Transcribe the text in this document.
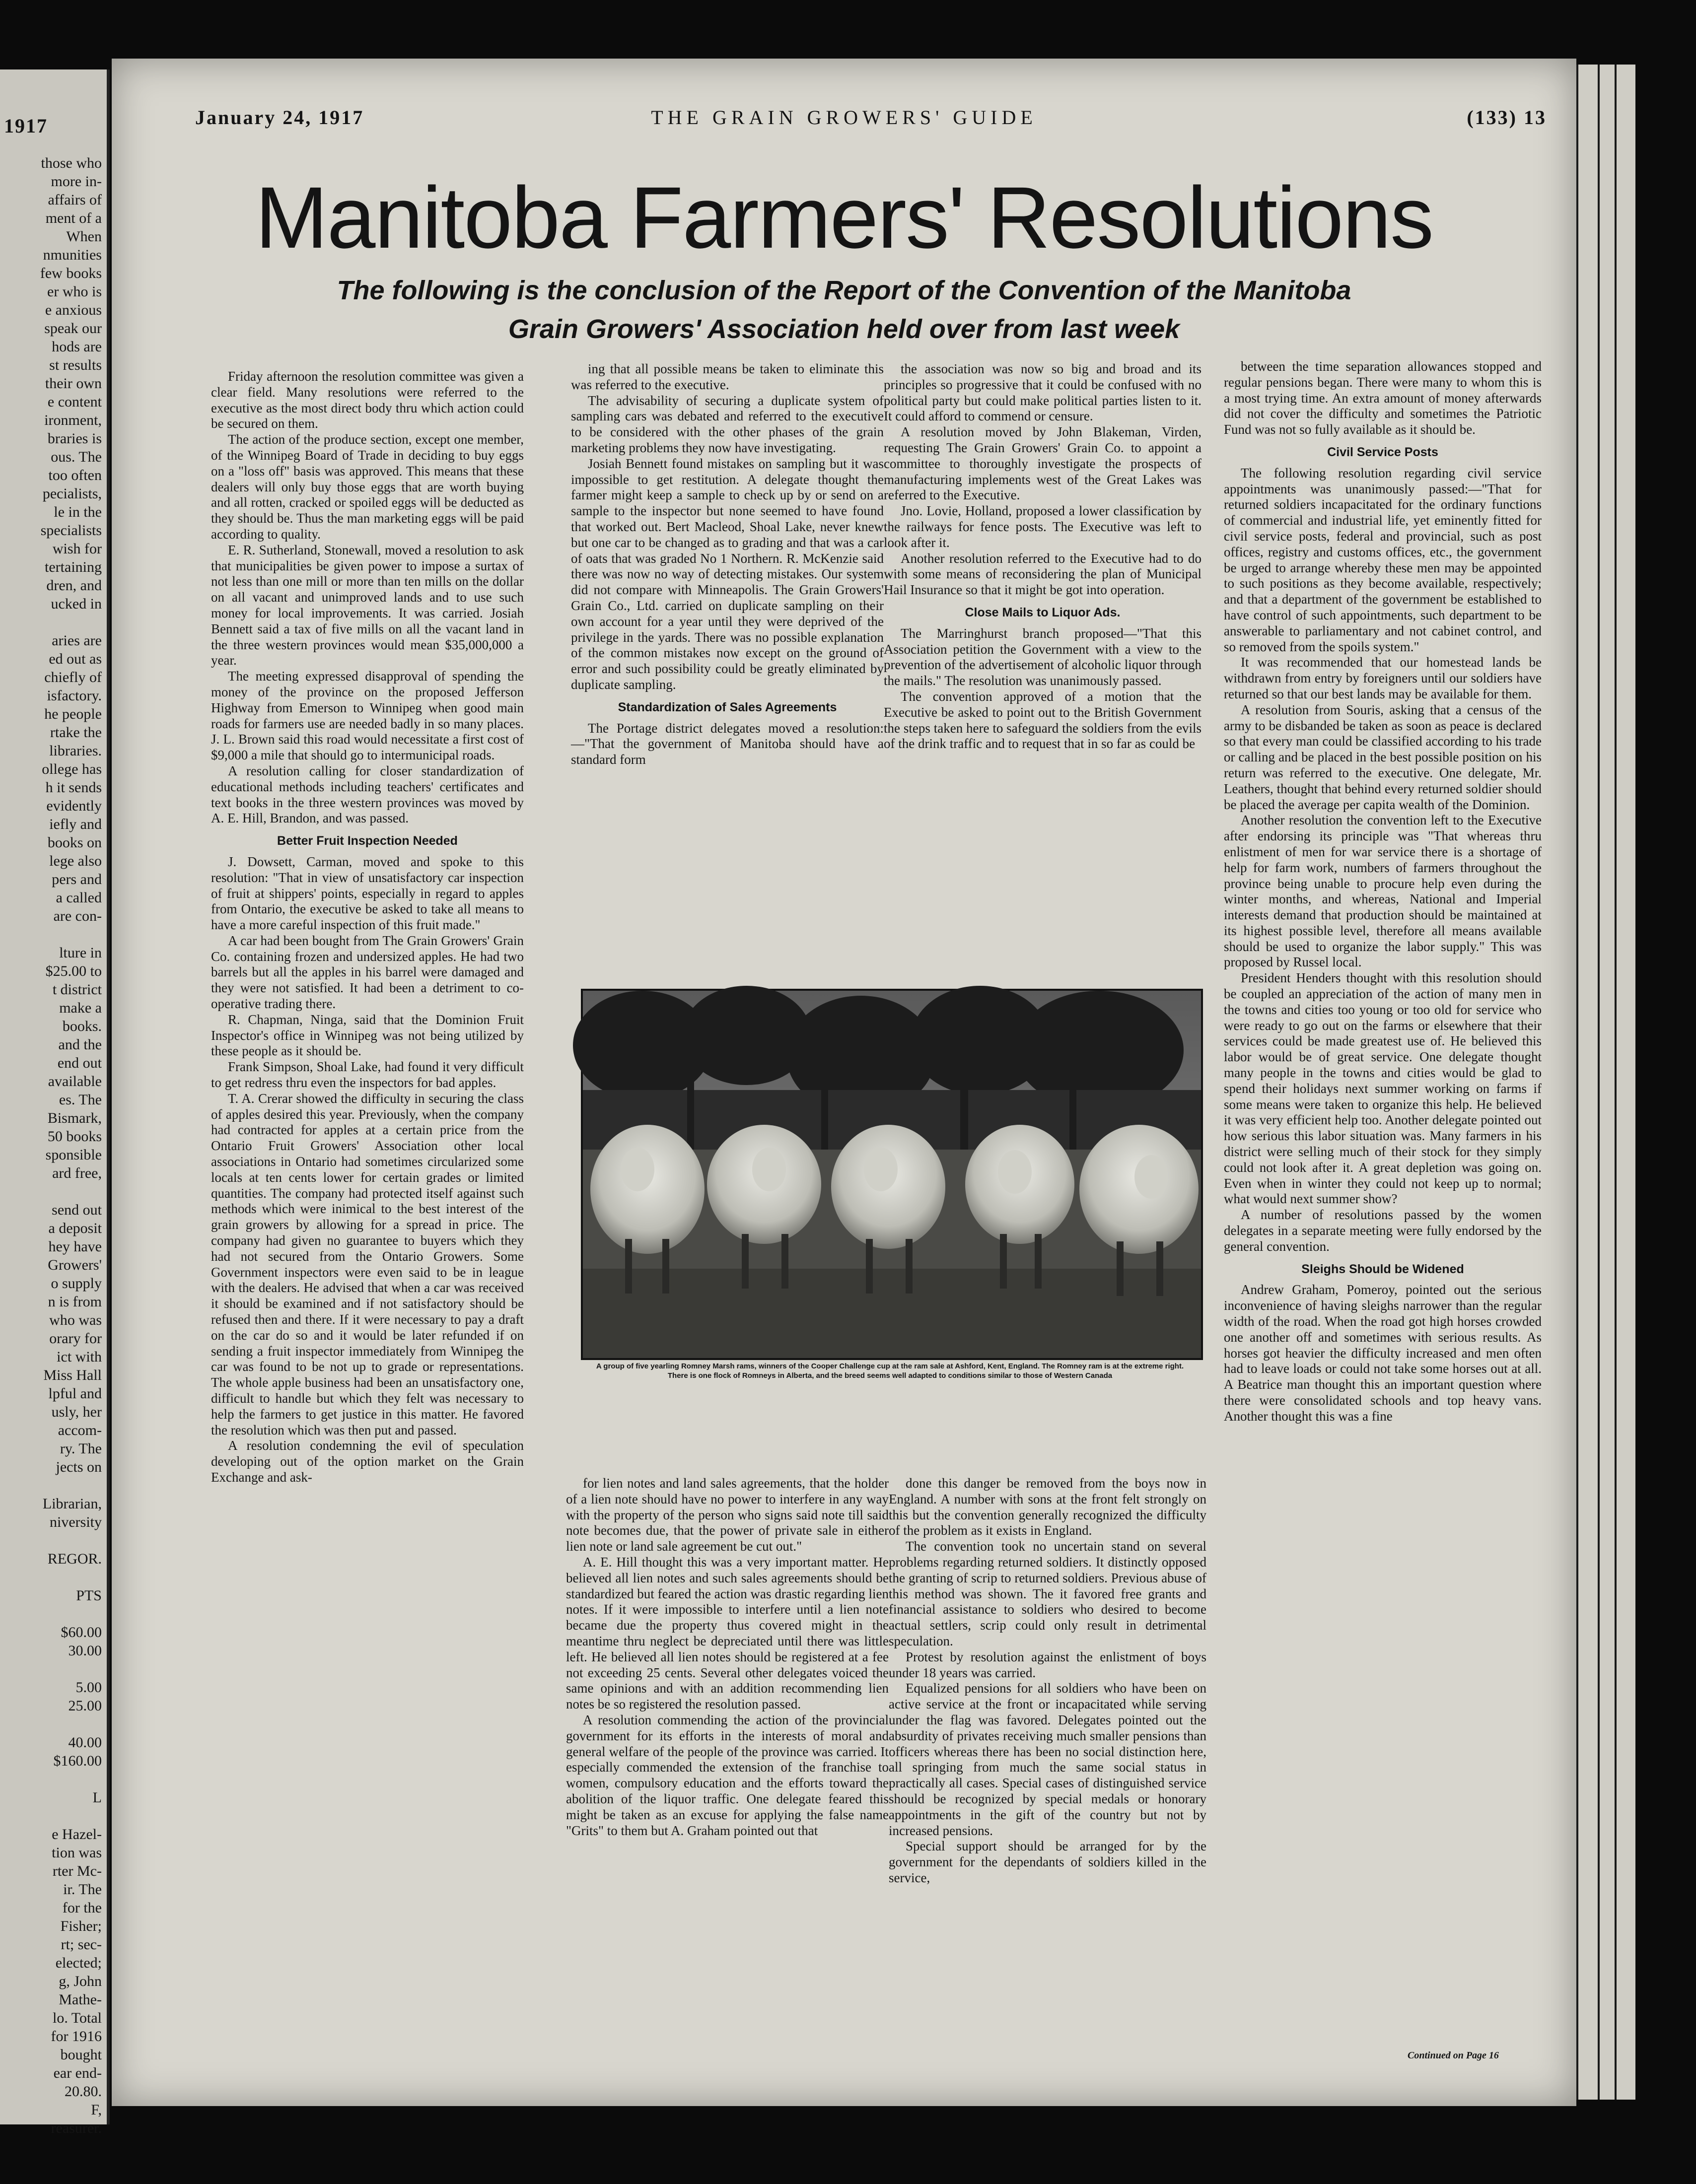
1917
those who
more in-
affairs of
ment of a
When
nmunities
few books
er who is
e anxious
speak our
hods are
st results
their own
e content
ironment,
braries is
ous. The
too often
pecialists,
le in the
specialists
wish for
tertaining
dren, and
ucked in
aries are
ed out as
chiefly of
isfactory.
he people
rtake the
libraries.
ollege has
h it sends
evidently
iefly and
books on
lege also
pers and
a called
are con-
lture in
$25.00 to
t district
make a
books.
and the
end out
available
es. The
Bismark,
50 books
sponsible
ard free,
send out
a deposit
hey have
Growers'
o supply
n is from
who was
orary for
ict with
Miss Hall
lpful and
usly, her
accom-
ry. The
jects on
Librarian,
niversity
REGOR.
PTS
$60.00
30.00
5.00
25.00
40.00
$160.00
L
e Hazel-
tion was
rter Mc-
ir. The
for the
Fisher;
rt; sec-
elected;
g, John
Mathe-
lo. Total
for 1916
bought
ear end-
20.80.
F,
reasurer.
January 24, 1917	THE GRAIN GROWERS' GUIDE	(133) 13
Manitoba Farmers' Resolutions
The following is the conclusion of the Report of the Convention of the Manitoba
Grain Growers' Association held over from last week

Friday afternoon the resolution committee was given a clear field. Many resolutions were referred to the executive as the most direct body thru which action could be secured on them.

The action of the produce section, except one member, of the Winnipeg Board of Trade in deciding to buy eggs on a "loss off" basis was approved. This means that these dealers will only buy those eggs that are worth buying and all rotten, cracked or spoiled eggs will be deducted as they should be. Thus the man marketing eggs will be paid according to quality.

E. R. Sutherland, Stonewall, moved a resolution to ask that municipalities be given power to impose a surtax of not less than one mill or more than ten mills on the dollar on all vacant and unimproved lands and to use such money for local improvements. It was carried. Josiah Bennett said a tax of five mills on all the vacant land in the three western provinces would mean $35,000,000 a year.

The meeting expressed disapproval of spending the money of the province on the proposed Jefferson Highway from Emerson to Winnipeg when good main roads for farmers use are needed badly in so many places. J. L. Brown said this road would necessitate a first cost of $9,000 a mile that should go to intermunicipal roads.

A resolution calling for closer standardization of educational methods including teachers' certificates and text books in the three western provinces was moved by A. E. Hill, Brandon, and was passed.

Better Fruit Inspection Needed

J. Dowsett, Carman, moved and spoke to this resolution: "That in view of unsatisfactory car inspection of fruit at shippers' points, especially in regard to apples from Ontario, the executive be asked to take all means to have a more careful inspection of this fruit made."

A car had been bought from The Grain Growers' Grain Co. containing frozen and undersized apples. He had two barrels but all the apples in his barrel were damaged and they were not satisfied. It had been a detriment to co-operative trading there.

R. Chapman, Ninga, said that the Dominion Fruit Inspector's office in Winnipeg was not being utilized by these people as it should be.

Frank Simpson, Shoal Lake, had found it very difficult to get redress thru even the inspectors for bad apples.

T. A. Crerar showed the difficulty in securing the class of apples desired this year. Previously, when the company had contracted for apples at a certain price from the Ontario Fruit Growers' Association other local associations in Ontario had sometimes circularized some locals at ten cents lower for certain grades or limited quantities. The company had protected itself against such methods which were inimical to the best interest of the grain growers by allowing for a spread in price. The company had given no guarantee to buyers which they had not secured from the Ontario Growers. Some Government inspectors were even said to be in league with the dealers. He advised that when a car was received it should be examined and if not satisfactory should be refused then and there. If it were necessary to pay a draft on the car do so and it would be later refunded if on sending a fruit inspector immediately from Winnipeg the car was found to be not up to grade or representations. The whole apple business had been an unsatisfactory one, difficult to handle but which they felt was necessary to help the farmers to get justice in this matter. He favored the resolution which was then put and passed.

A resolution condemning the evil of speculation developing out of the option market on the Grain Exchange and ask-

ing that all possible means be taken to eliminate this was referred to the executive.

The advisability of securing a duplicate system of sampling cars was debated and referred to the executive to be considered with the other phases of the grain marketing problems they now have investigating.

Josiah Bennett found mistakes on sampling but it was impossible to get restitution. A delegate thought the farmer might keep a sample to check up by or send on a sample to the inspector but none seemed to have found that worked out. Bert Macleod, Shoal Lake, never knew but one car to be changed as to grading and that was a car of oats that was graded No 1 Northern. R. McKenzie said there was now no way of detecting mistakes. Our system did not compare with Minneapolis. The Grain Growers' Grain Co., Ltd. carried on duplicate sampling on their own account for a year until they were deprived of the privilege in the yards. There was no possible explanation of the common mistakes now except on the ground of error and such possibility could be greatly eliminated by duplicate sampling.

Standardization of Sales Agreements

The Portage district delegates moved a resolution:—"That the government of Manitoba should have a standard form

the association was now so big and broad and its principles so progressive that it could be confused with no political party but could make political parties listen to it. It could afford to commend or censure.

A resolution moved by John Blakeman, Virden, requesting The Grain Growers' Grain Co. to appoint a committee to thoroughly investigate the prospects of manufacturing implements west of the Great Lakes was referred to the Executive.

Jno. Lovie, Holland, proposed a lower classification by the railways for fence posts. The Executive was left to look after it.

Another resolution referred to the Executive had to do with some means of reconsidering the plan of Municipal Hail Insurance so that it might be got into operation.

Close Mails to Liquor Ads.

The Marringhurst branch proposed—"That this Association petition the Government with a view to the prevention of the advertisement of alcoholic liquor through the mails." The resolution was unanimously passed.

The convention approved of a motion that the Executive be asked to point out to the British Government the steps taken here to safeguard the soldiers from the evils of the drink traffic and to request that in so far as could be

A group of five yearling Romney Marsh rams, winners of the Cooper Challenge cup at the ram sale at Ashford, Kent, England. The Romney ram is at the extreme right. There is one flock of Romneys in Alberta, and the breed seems well adapted to conditions similar to those of Western Canada

between the time separation allowances stopped and regular pensions began. There were many to whom this is a most trying time. An extra amount of money afterwards did not cover the difficulty and sometimes the Patriotic Fund was not so fully available as it should be.

Civil Service Posts

The following resolution regarding civil service appointments was unanimously passed:—"That for returned soldiers incapacitated for the ordinary functions of commercial and industrial life, yet eminently fitted for civil service posts, federal and provincial, such as post offices, registry and customs offices, etc., the government be urged to arrange whereby these men may be appointed to such positions as they become available, respectively; and that a department of the government be established to have control of such appointments, such department to be answerable to parliamentary and not cabinet control, and so removed from the spoils system."

It was recommended that our homestead lands be withdrawn from entry by foreigners until our soldiers have returned so that our best lands may be available for them.

A resolution from Souris, asking that a census of the army to be disbanded be taken as soon as peace is declared so that every man could be classified according to his trade or calling and be placed in the best possible position on his return was referred to the executive. One delegate, Mr. Leathers, thought that behind every returned soldier should be placed the average per capita wealth of the Dominion.

Another resolution the convention left to the Executive after endorsing its principle was "That whereas thru enlistment of men for war service there is a shortage of help for farm work, numbers of farmers throughout the province being unable to procure help even during the winter months, and whereas, National and Imperial interests demand that production should be maintained at its highest possible level, therefore all means available should be used to organize the labor supply." This was proposed by Russel local.

President Henders thought with this resolution should be coupled an appreciation of the action of many men in the towns and cities too young or too old for service who were ready to go out on the farms or elsewhere that their services could be made greatest use of. He believed this labor would be of great service. One delegate thought many people in the towns and cities would be glad to spend their holidays next summer working on farms if some means were taken to organize this help. He believed it was very efficient help too. Another delegate pointed out how serious this labor situation was. Many farmers in his district were selling much of their stock for they simply could not look after it. A great depletion was going on. Even when in winter they could not keep up to normal; what would next summer show?

A number of resolutions passed by the women delegates in a separate meeting were fully endorsed by the general convention.

Sleighs Should be Widened

Andrew Graham, Pomeroy, pointed out the serious inconvenience of having sleighs narrower than the regular width of the road. When the road got high horses crowded one another off and sometimes with serious results. As horses got heavier the difficulty increased and men often had to leave loads or could not take some horses out at all. A Beatrice man thought this an important question where there were consolidated schools and top heavy vans. Another thought this was a fine

Continued on Page 16

for lien notes and land sales agreements, that the holder of a lien note should have no power to interfere in any way with the property of the person who signs said note till said note becomes due, that the power of private sale in either lien note or land sale agreement be cut out."

A. E. Hill thought this was a very important matter. He believed all lien notes and such sales agreements should be standardized but feared the action was drastic regarding lien notes. If it were impossible to interfere until a lien note became due the property thus covered might in the meantime thru neglect be depreciated until there was little left. He believed all lien notes should be registered at a fee not exceeding 25 cents. Several other delegates voiced the same opinions and with an addition recommending lien notes be so registered the resolution passed.

A resolution commending the action of the provincial government for its efforts in the interests of moral and general welfare of the people of the province was carried. It especially commended the extension of the franchise to women, compulsory education and the efforts toward the abolition of the liquor traffic. One delegate feared this might be taken as an excuse for applying the false name "Grits" to them but A. Graham pointed out that

done this danger be removed from the boys now in England. A number with sons at the front felt strongly on this but the convention generally recognized the difficulty of the problem as it exists in England.

The convention took no uncertain stand on several problems regarding returned soldiers. It distinctly opposed the granting of scrip to returned soldiers. Previous abuse of this method was shown. The it favored free grants and financial assistance to soldiers who desired to become actual settlers, scrip could only result in detrimental speculation.

Protest by resolution against the enlistment of boys under 18 years was carried.

Equalized pensions for all soldiers who have been on active service at the front or incapacitated while serving under the flag was favored. Delegates pointed out the absurdity of privates receiving much smaller pensions than officers whereas there has been no social distinction here, all springing from much the same social status in practically all cases. Special cases of distinguished service should be recognized by special medals or honorary appointments in the gift of the country but not by increased pensions.

Special support should be arranged for by the government for the dependants of soldiers killed in the service,
